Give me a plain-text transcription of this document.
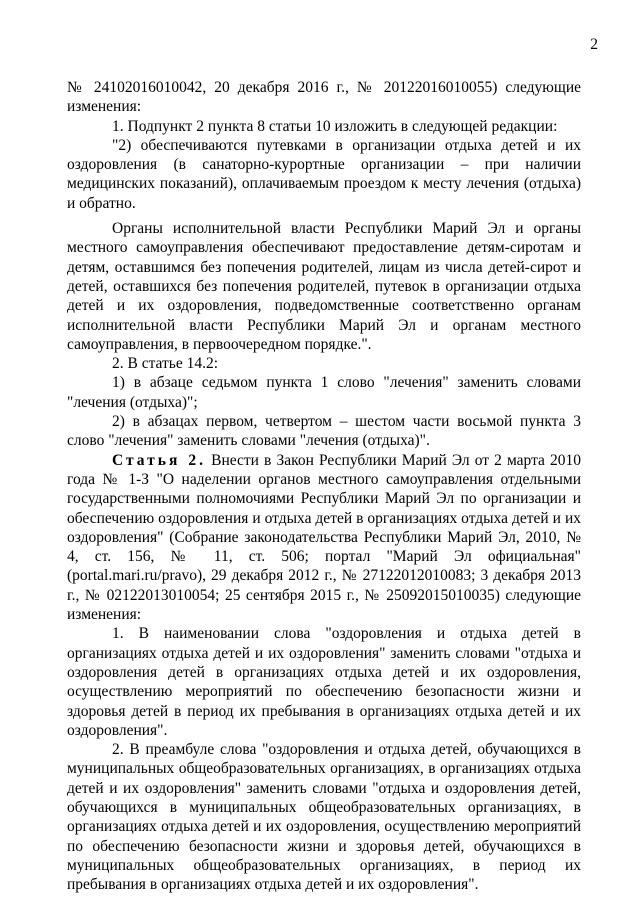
2

№ 24102016010042, 20 декабря 2016 г., № 20122016010055) следующие изменения:

1. Подпункт 2 пункта 8 статьи 10 изложить в следующей редакции:

"2) обеспечиваются путевками в организации отдыха детей и их оздоровления (в санаторно-курортные организации – при наличии медицинских показаний), оплачиваемым проездом к месту лечения (отдыха) и обратно.

Органы исполнительной власти Республики Марий Эл и органы местного самоуправления обеспечивают предоставление детям-сиротам и детям, оставшимся без попечения родителей, лицам из числа детей-сирот и детей, оставшихся без попечения родителей, путевок в организации отдыха детей и их оздоровления, подведомственные соответственно органам исполнительной власти Республики Марий Эл и органам местного самоуправления, в первоочередном порядке.".

2. В статье 14.2:

1) в абзаце седьмом пункта 1 слово "лечения" заменить словами "лечения (отдыха)";

2) в абзацах первом, четвертом – шестом части восьмой пункта 3 слово "лечения" заменить словами "лечения (отдыха)".

Статья 2. Внести в Закон Республики Марий Эл от 2 марта 2010 года № 1-З "О наделении органов местного самоуправления отдельными государственными полномочиями Республики Марий Эл по организации и обеспечению оздоровления и отдыха детей в организациях отдыха детей и их оздоровления" (Собрание законодательства Республики Марий Эл, 2010, № 4, ст. 156, № 11, ст. 506; портал "Марий Эл официальная" (portal.mari.ru/pravo), 29 декабря 2012 г., № 27122012010083; 3 декабря 2013 г., № 02122013010054; 25 сентября 2015 г., № 25092015010035) следующие изменения:

1. В наименовании слова "оздоровления и отдыха детей в организациях отдыха детей и их оздоровления" заменить словами "отдыха и оздоровления детей в организациях отдыха детей и их оздоровления, осуществлению мероприятий по обеспечению безопасности жизни и здоровья детей в период их пребывания в организациях отдыха детей и их оздоровления".

2. В преамбуле слова "оздоровления и отдыха детей, обучающихся в муниципальных общеобразовательных организациях, в организациях отдыха детей и их оздоровления" заменить словами "отдыха и оздоровления детей, обучающихся в муниципальных общеобразовательных организациях, в организациях отдыха детей и их оздоровления, осуществлению мероприятий по обеспечению безопасности жизни и здоровья детей, обучающихся в муниципальных общеобразовательных организациях, в период их пребывания в организациях отдыха детей и их оздоровления".
